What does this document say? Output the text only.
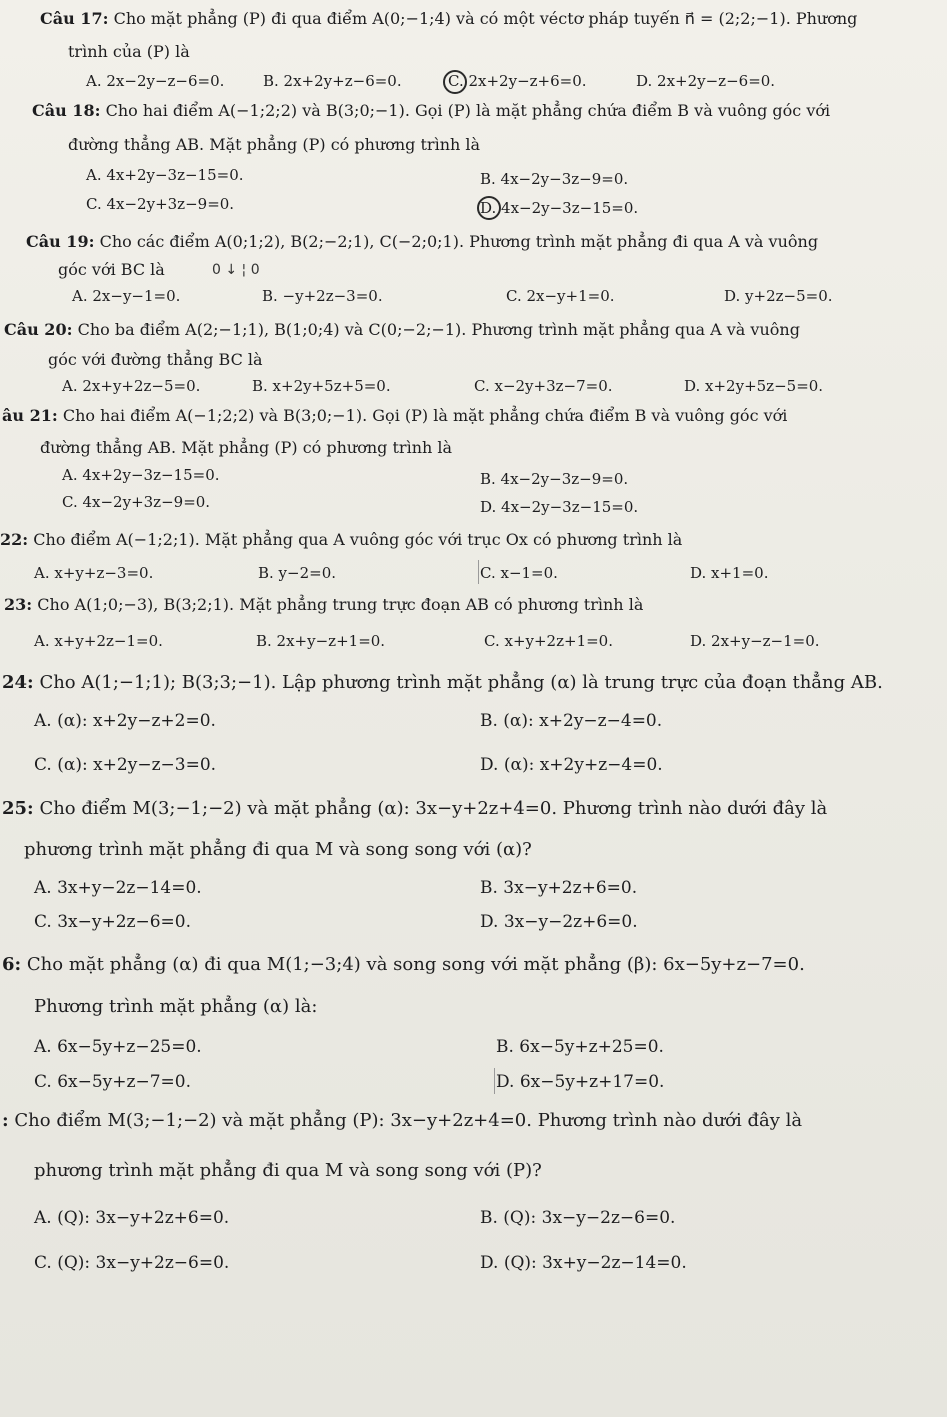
Câu 17: Cho mặt phẳng (P) đi qua điểm A(0;−1;4) và có một véctơ pháp tuyến n⃗ = (2;2;−1). Phương
trình của (P) là
A. 2x−2y−z−6=0.	B. 2x+2y+z−6=0.	C. 2x+2y−z+6=0.	D. 2x+2y−z−6=0.
Câu 18: Cho hai điểm A(−1;2;2) và B(3;0;−1). Gọi (P) là mặt phẳng chứa điểm B và vuông góc với
đường thẳng AB. Mặt phẳng (P) có phương trình là
A. 4x+2y−3z−15=0.	B. 4x−2y−3z−9=0.
C. 4x−2y+3z−9=0.	D. 4x−2y−3z−15=0.
Câu 19: Cho các điểm A(0;1;2), B(2;−2;1), C(−2;0;1). Phương trình mặt phẳng đi qua A và vuông
góc với BC là	0 ↓ ¦ 0
A. 2x−y−1=0.	B. −y+2z−3=0.	C. 2x−y+1=0.	D. y+2z−5=0.
Câu 20: Cho ba điểm A(2;−1;1), B(1;0;4) và C(0;−2;−1). Phương trình mặt phẳng qua A và vuông
góc với đường thẳng BC là
A. 2x+y+2z−5=0.	B. x+2y+5z+5=0.	C. x−2y+3z−7=0.	D. x+2y+5z−5=0.
âu 21: Cho hai điểm A(−1;2;2) và B(3;0;−1). Gọi (P) là mặt phẳng chứa điểm B và vuông góc với
đường thẳng AB. Mặt phẳng (P) có phương trình là
A. 4x+2y−3z−15=0.	B. 4x−2y−3z−9=0.
C. 4x−2y+3z−9=0.	D. 4x−2y−3z−15=0.
22: Cho điểm A(−1;2;1). Mặt phẳng qua A vuông góc với trục Ox có phương trình là
A. x+y+z−3=0.	B. y−2=0.	C. x−1=0.	D. x+1=0.
23: Cho A(1;0;−3), B(3;2;1). Mặt phẳng trung trực đoạn AB có phương trình là
A. x+y+2z−1=0.	B. 2x+y−z+1=0.	C. x+y+2z+1=0.	D. 2x+y−z−1=0.
24: Cho A(1;−1;1); B(3;3;−1). Lập phương trình mặt phẳng (α) là trung trực của đoạn thẳng AB.
A. (α): x+2y−z+2=0.	B. (α): x+2y−z−4=0.
C. (α): x+2y−z−3=0.	D. (α): x+2y+z−4=0.
25: Cho điểm M(3;−1;−2) và mặt phẳng (α): 3x−y+2z+4=0. Phương trình nào dưới đây là
phương trình mặt phẳng đi qua M và song song với (α)?
A. 3x+y−2z−14=0.	B. 3x−y+2z+6=0.
C. 3x−y+2z−6=0.	D. 3x−y−2z+6=0.
6: Cho mặt phẳng (α) đi qua M(1;−3;4) và song song với mặt phẳng (β): 6x−5y+z−7=0.
Phương trình mặt phẳng (α) là:
A. 6x−5y+z−25=0.	B. 6x−5y+z+25=0.
C. 6x−5y+z−7=0.	D. 6x−5y+z+17=0.
: Cho điểm M(3;−1;−2) và mặt phẳng (P): 3x−y+2z+4=0. Phương trình nào dưới đây là
phương trình mặt phẳng đi qua M và song song với (P)?
A. (Q): 3x−y+2z+6=0.	B. (Q): 3x−y−2z−6=0.
C. (Q): 3x−y+2z−6=0.	D. (Q): 3x+y−2z−14=0.
